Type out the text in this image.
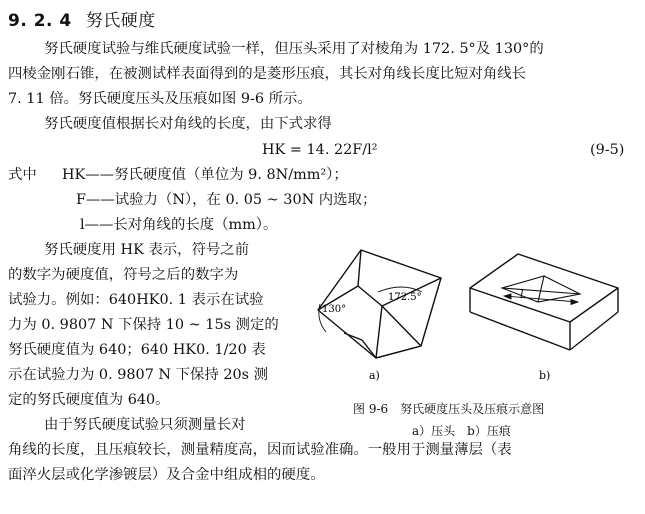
9. 2. 4 努氏硬度
努氏硬度试验与维氏硬度试验一样，但压头采用了对棱角为 172. 5°及 130°的
四棱金刚石锥，在被测试样表面得到的是菱形压痕，其长对角线长度比短对角线长
7. 11 倍。努氏硬度压头及压痕如图 9-6 所示。
努氏硬度值根据长对角线的长度，由下式求得
HK = 14. 22F/l²	(9-5)
式中 HK——努氏硬度值（单位为 9. 8N/mm²）；
F——试验力（N），在 0. 05 ~ 30N 内选取；
l——长对角线的长度（mm）。
努氏硬度用 HK 表示，符号之前
的数字为硬度值，符号之后的数字为
试验力。例如：640HK0. 1 表示在试验
力为 0. 9807 N 下保持 10 ~ 15s 测定的
努氏硬度值为 640；640 HK0. 1/20 表
示在试验力为 0. 9807 N 下保持 20s 测
定的努氏硬度值为 640。
由于努氏硬度试验只须测量长对
角线的长度，且压痕较长，测量精度高，因而试验准确。一般用于测量薄层（表
面淬火层或化学渗镀层）及合金中组成相的硬度。
130°
172.5°
a)
l
b)
图 9-6　努氏硬度压头及压痕示意图
a）压头　b）压痕
